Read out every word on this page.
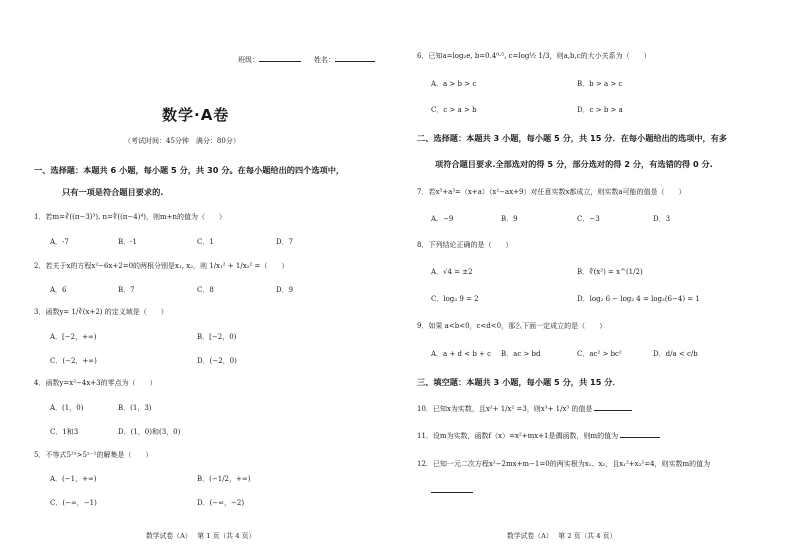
班级：	姓名：
数学·A卷
（考试时间：45分钟　满分：80分）
一、选择题：本题共 6 小题，每小题 5 分，共 30 分。在每小题给出的四个选项中，
只有一项是符合题目要求的.
1．若m=∛((π−3)³), n=∜((π−4)⁴)，则m+n的值为（　　）
A．-7	B．-1	C．1	D．7
2．若关于x的方程x²−6x+2=0的两根分别是x₁, x₂，则 1/x₁² + 1/x₂² =（　　）
A．6	B．7	C．8	D．9
3．函数y= 1/∛(x+2) 的定义域是（　　）
A．[−2，+∞)	B．[−2，0)
C．(−2，+∞)	D．(−2，0)
4．函数y=x²−4x+3的零点为（　　）
A．(1，0)	B．(1，3)
C．1和3	D．(1，0)和(3，0)
5．不等式5²ˣ>5ˣ⁻¹的解集是（　　）
A．(−1，+∞)	B．(−1/2，+∞)
C．(−∞，−1)	D．(−∞，−2)
数学试卷（A）　 第 1 页（共 4 页）
6．已知a=log₂e, b=0.4⁰·⁵, c=log½ 1/3，则a,b,c的大小关系为（　　）
A．a > b > c	B．b > a > c
C．c > a > b	D．c > b > a
二、选择题：本题共 3 小题，每小题 5 分，共 15 分．在每小题给出的选项中，有多
项符合题目要求.全部选对的得 5 分，部分选对的得 2 分，有选错的得 0 分.
7．若x³+a³=（x+a）（x²−ax+9）对任意实数x都成立，则实数a可能的值是（　　）
A．−9	B．9	C．−3	D．3
8．下列结论正确的是（　　）
A．√4 = ±2	B．∜(x²) = x^(1/2)
C．log₃ 9 = 2	D．log₂ 6 − log₂ 4 = log₂(6−4) = 1
9．如果 a<b<0，c<d<0，那么下面一定成立的是（　　）
A．a + d < b + c B．ac > bd	C．ac² > bc²	D．d/a < c/b
三、填空题：本题共 3 小题，每小题 5 分，共 15 分．
10．已知x为实数，且x²+ 1/x² =3，则x³+ 1/x³ 的值是
11．设m为实数，函数f（x）=x²+mx+1是偶函数，则m的值为
12．已知一元二次方程x²−2mx+m−1=0的两实根为x₁、x₂，且x₁²+x₂²=4，则实数m的值为
数学试卷（A）　 第 2 页（共 4 页）
